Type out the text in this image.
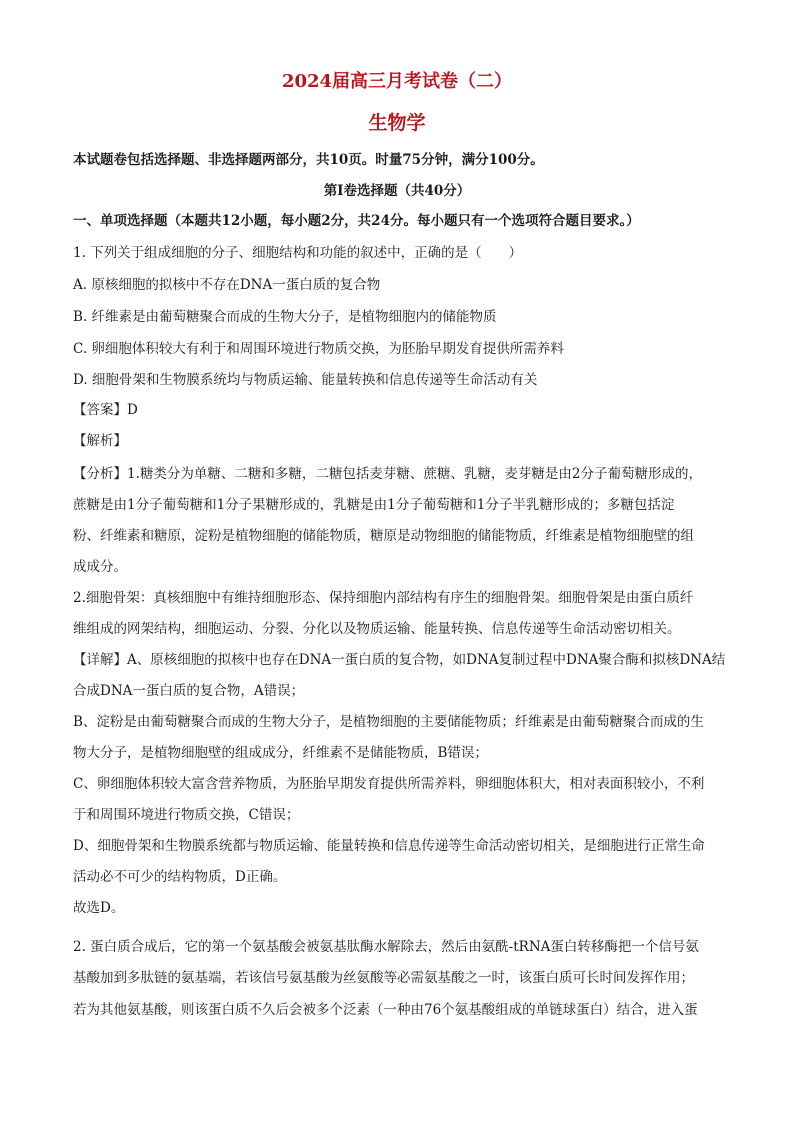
2024届高三月考试卷（二）
生物学
本试题卷包括选择题、非选择题两部分，共10页。时量75分钟，满分100分。
第Ⅰ卷选择题（共40分）
一、单项选择题（本题共12小题，每小题2分，共24分。每小题只有一个选项符合题目要求。）
1. 下列关于组成细胞的分子、细胞结构和功能的叙述中，正确的是（　　）
A. 原核细胞的拟核中不存在DNA一蛋白质的复合物
B. 纤维素是由葡萄糖聚合而成的生物大分子，是植物细胞内的储能物质
C. 卵细胞体积较大有利于和周围环境进行物质交换，为胚胎早期发育提供所需养料
D. 细胞骨架和生物膜系统均与物质运输、能量转换和信息传递等生命活动有关
【答案】D
【解析】
【分析】1.糖类分为单糖、二糖和多糖，二糖包括麦芽糖、蔗糖、乳糖，麦芽糖是由2分子葡萄糖形成的，
蔗糖是由1分子葡萄糖和1分子果糖形成的，乳糖是由1分子葡萄糖和1分子半乳糖形成的；多糖包括淀
粉、纤维素和糖原，淀粉是植物细胞的储能物质，糖原是动物细胞的储能物质，纤维素是植物细胞壁的组
成成分。
2.细胞骨架：真核细胞中有维持细胞形态、保持细胞内部结构有序生的细胞骨架。细胞骨架是由蛋白质纤
维组成的网架结构，细胞运动、分裂、分化以及物质运输、能量转换、信息传递等生命活动密切相关。
【详解】A、原核细胞的拟核中也存在DNA一蛋白质的复合物，如DNA复制过程中DNA聚合酶和拟核DNA结
合成DNA一蛋白质的复合物，A错误；
B、淀粉是由葡萄糖聚合而成的生物大分子，是植物细胞的主要储能物质；纤维素是由葡萄糖聚合而成的生
物大分子，是植物细胞壁的组成成分，纤维素不是储能物质，B错误；
C、卵细胞体积较大富含营养物质，为胚胎早期发育提供所需养料，卵细胞体积大，相对表面积较小，不利
于和周围环境进行物质交换，C错误；
D、细胞骨架和生物膜系统都与物质运输、能量转换和信息传递等生命活动密切相关，是细胞进行正常生命
活动必不可少的结构物质，D正确。
故选D。
2. 蛋白质合成后，它的第一个氨基酸会被氨基肽酶水解除去，然后由氨酰-tRNA蛋白转移酶把一个信号氨
基酸加到多肽链的氨基端，若该信号氨基酸为丝氨酸等必需氨基酸之一时，该蛋白质可长时间发挥作用；
若为其他氨基酸，则该蛋白质不久后会被多个泛素（一种由76个氨基酸组成的单链球蛋白）结合，进入蛋
